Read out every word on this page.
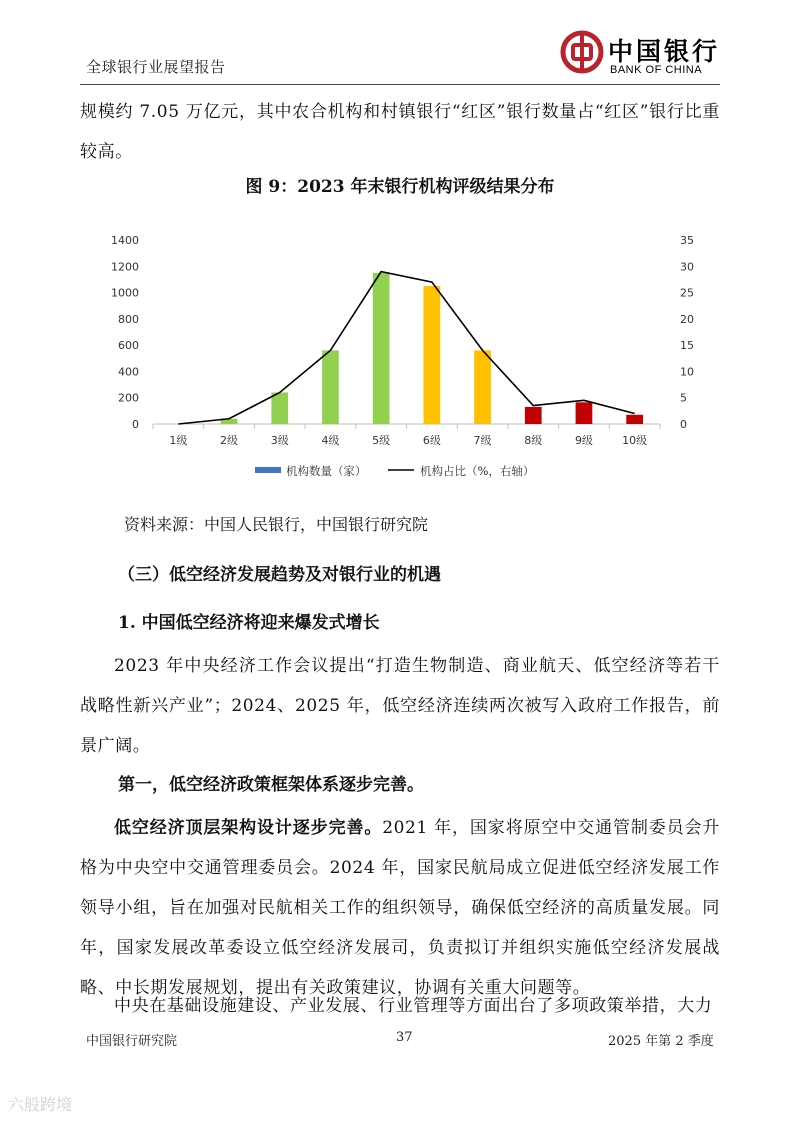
全球银行业展望报告
中国银行
BANK OF CHINA
规模约 7.05 万亿元，其中农合机构和村镇银行“红区”银行数量占“红区”银行比重较高。
图 9：2023 年末银行机构评级结果分布
0
200
400
600
800
1000
1200
1400
0
5
10
15
20
25
30
35
1级	2级	3级	4级	5级	6级	7级	8级	9级	10级
机构数量（家）	机构占比（%，右轴）
资料来源：中国人民银行，中国银行研究院
（三）低空经济发展趋势及对银行业的机遇
1. 中国低空经济将迎来爆发式增长
2023 年中央经济工作会议提出“打造生物制造、商业航天、低空经济等若干战略性新兴产业”；2024、2025 年，低空经济连续两次被写入政府工作报告，前景广阔。
第一，低空经济政策框架体系逐步完善。
低空经济顶层架构设计逐步完善。2021 年，国家将原空中交通管制委员会升格为中央空中交通管理委员会。2024 年，国家民航局成立促进低空经济发展工作领导小组，旨在加强对民航相关工作的组织领导，确保低空经济的高质量发展。同年，国家发展改革委设立低空经济发展司，负责拟订并组织实施低空经济发展战略、中长期发展规划，提出有关政策建议，协调有关重大问题等。
中央在基础设施建设、产业发展、行业管理等方面出台了多项政策举措，大力
中国银行研究院	37	2025 年第 2 季度
六般跨境
